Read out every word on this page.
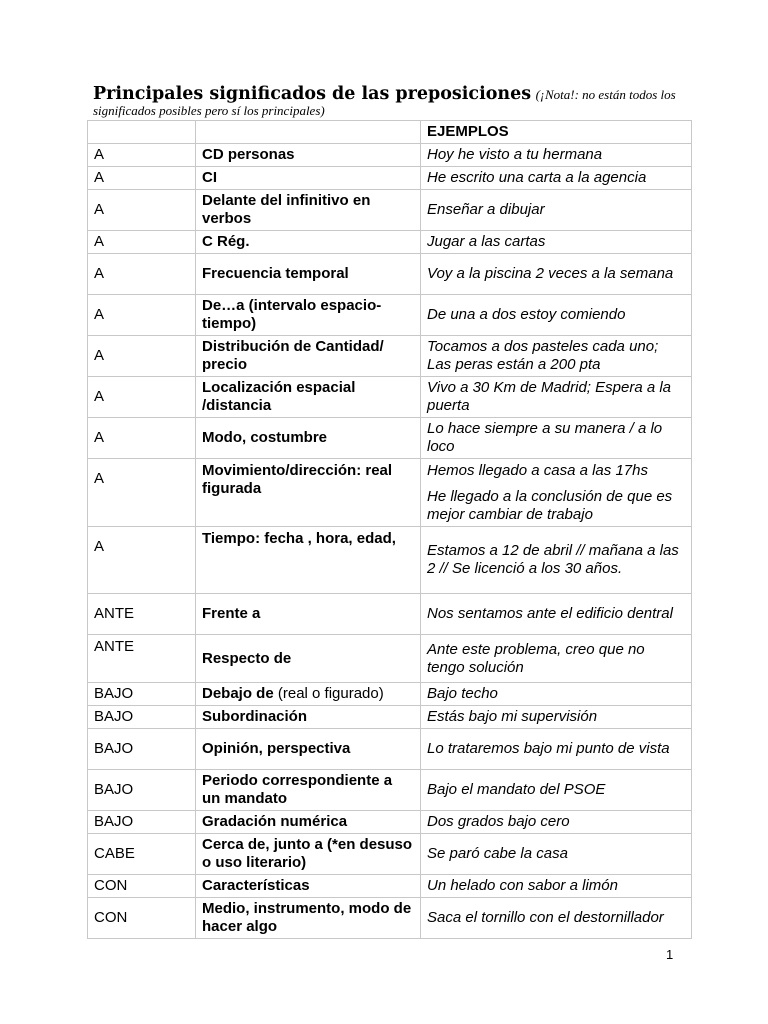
Principales significados de las preposiciones (¡Nota!: no están todos los significados posibles pero sí los principales)
		EJEMPLOS
A	CD personas	Hoy he visto a tu hermana
A	CI	He escrito una carta a la agencia
A	Delante del infinitivo en verbos	Enseñar a dibujar
A	C Rég.	Jugar a las cartas
A	Frecuencia temporal	Voy a la piscina 2 veces a la semana
A	De…a (intervalo espacio-tiempo)	De una a dos estoy comiendo
A	Distribución de Cantidad/ precio	Tocamos a dos pasteles cada uno; Las peras están a 200 pta
A	Localización espacial /distancia	Vivo a 30 Km de Madrid; Espera a la puerta
A	Modo, costumbre	Lo hace siempre a su manera / a lo loco

A	Movimiento/dirección: real figurada	Hemos llegado a casa a las 17hs
He llegado a la conclusión de que es mejor cambiar de trabajo

A	Tiempo: fecha , hora, edad,	Estamos a 12 de abril // mañana a las 2 // Se licenció a los 30 años.
ANTE	Frente a	Nos sentamos ante el edificio dentral
ANTE	Respecto de	Ante este problema, creo que no tengo solución
BAJO	Debajo de (real o figurado)	Bajo techo
BAJO	Subordinación	Estás bajo mi supervisión
BAJO	Opinión, perspectiva	Lo trataremos bajo mi punto de vista
BAJO	Periodo correspondiente a un mandato	Bajo el mandato del PSOE
BAJO	Gradación numérica	Dos grados bajo cero
CABE	Cerca de, junto a (*en desuso o uso literario)	Se paró cabe la casa
CON	Características	Un helado con sabor a limón
CON	Medio, instrumento, modo de hacer algo	Saca el tornillo con el destornillador
1
